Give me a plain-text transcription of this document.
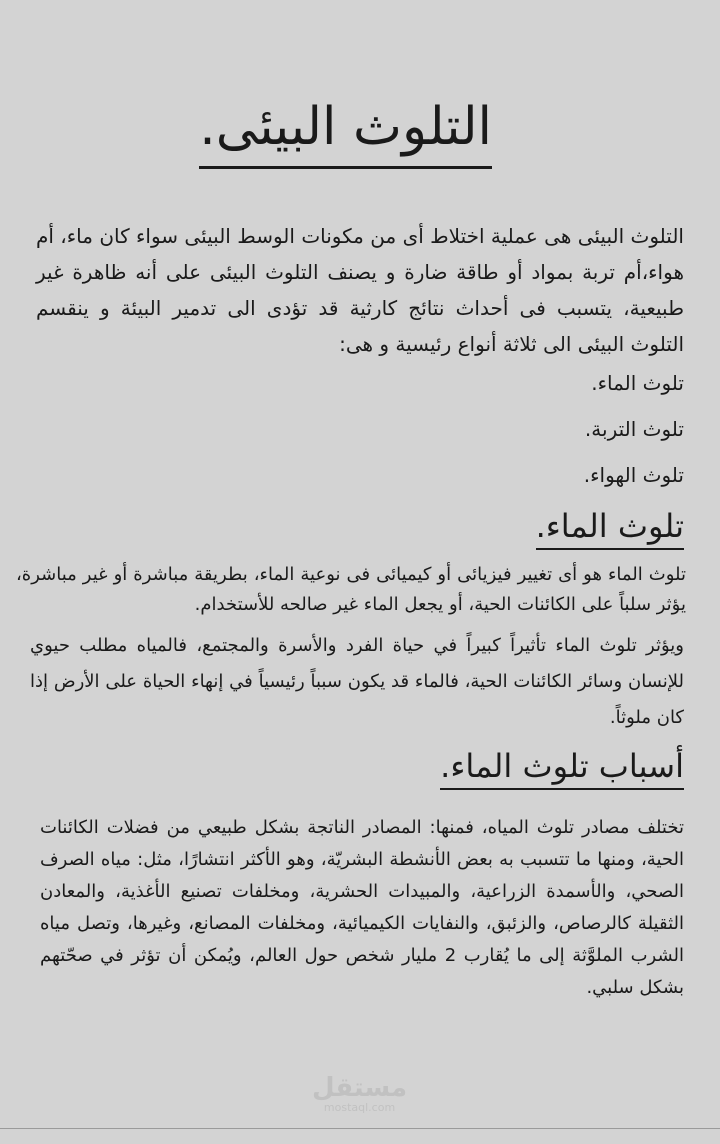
التلوث البيئى.

التلوث البيئى هى عملية اختلاط أى من مكونات الوسط البيئى سواء كان ماء، أم هواء،أم تربة بمواد أو طاقة ضارة و يصنف التلوث البيئى على أنه ظاهرة غير طبيعية، يتسبب فى أحداث نتائج كارثية قد تؤدى الى تدمير البيئة و ينقسم التلوث البيئى الى ثلاثة أنواع رئيسية و هى:

تلوث الماء.

تلوث التربة.

تلوث الهواء.

تلوث الماء.

تلوث الماء هو أى تغيير فيزيائى أو كيميائى فى نوعية الماء، بطريقة مباشرة أو غير مباشرة، يؤثر سلباً على الكائنات الحية، أو يجعل الماء غير صالحه للأستخدام.

ويؤثر تلوث الماء تأثيراً كبيراً في حياة الفرد والأسرة والمجتمع، فالمياه مطلب حيوي للإنسان وسائر الكائنات الحية، فالماء قد يكون سبباً رئيسياً في إنهاء الحياة على الأرض إذا كان ملوثاً.

أسباب تلوث الماء.

تختلف مصادر تلوث المياه، فمنها: المصادر الناتجة بشكل طبيعي من فضلات الكائنات الحية، ومنها ما تتسبب به بعض الأنشطة البشريّة، وهو الأكثر انتشارًا، مثل: مياه الصرف الصحي، والأسمدة الزراعية، والمبيدات الحشرية، ومخلفات تصنيع الأغذية، والمعادن الثقيلة كالرصاص، والزئبق، والنفايات الكيميائية، ومخلفات المصانع، وغيرها، وتصل مياه الشرب الملوَّثة إلى ما يُقارب 2 مليار شخص حول العالم، ويُمكن أن تؤثر في صحّتهم بشكل سلبي.

مستقل
mostaql.com
